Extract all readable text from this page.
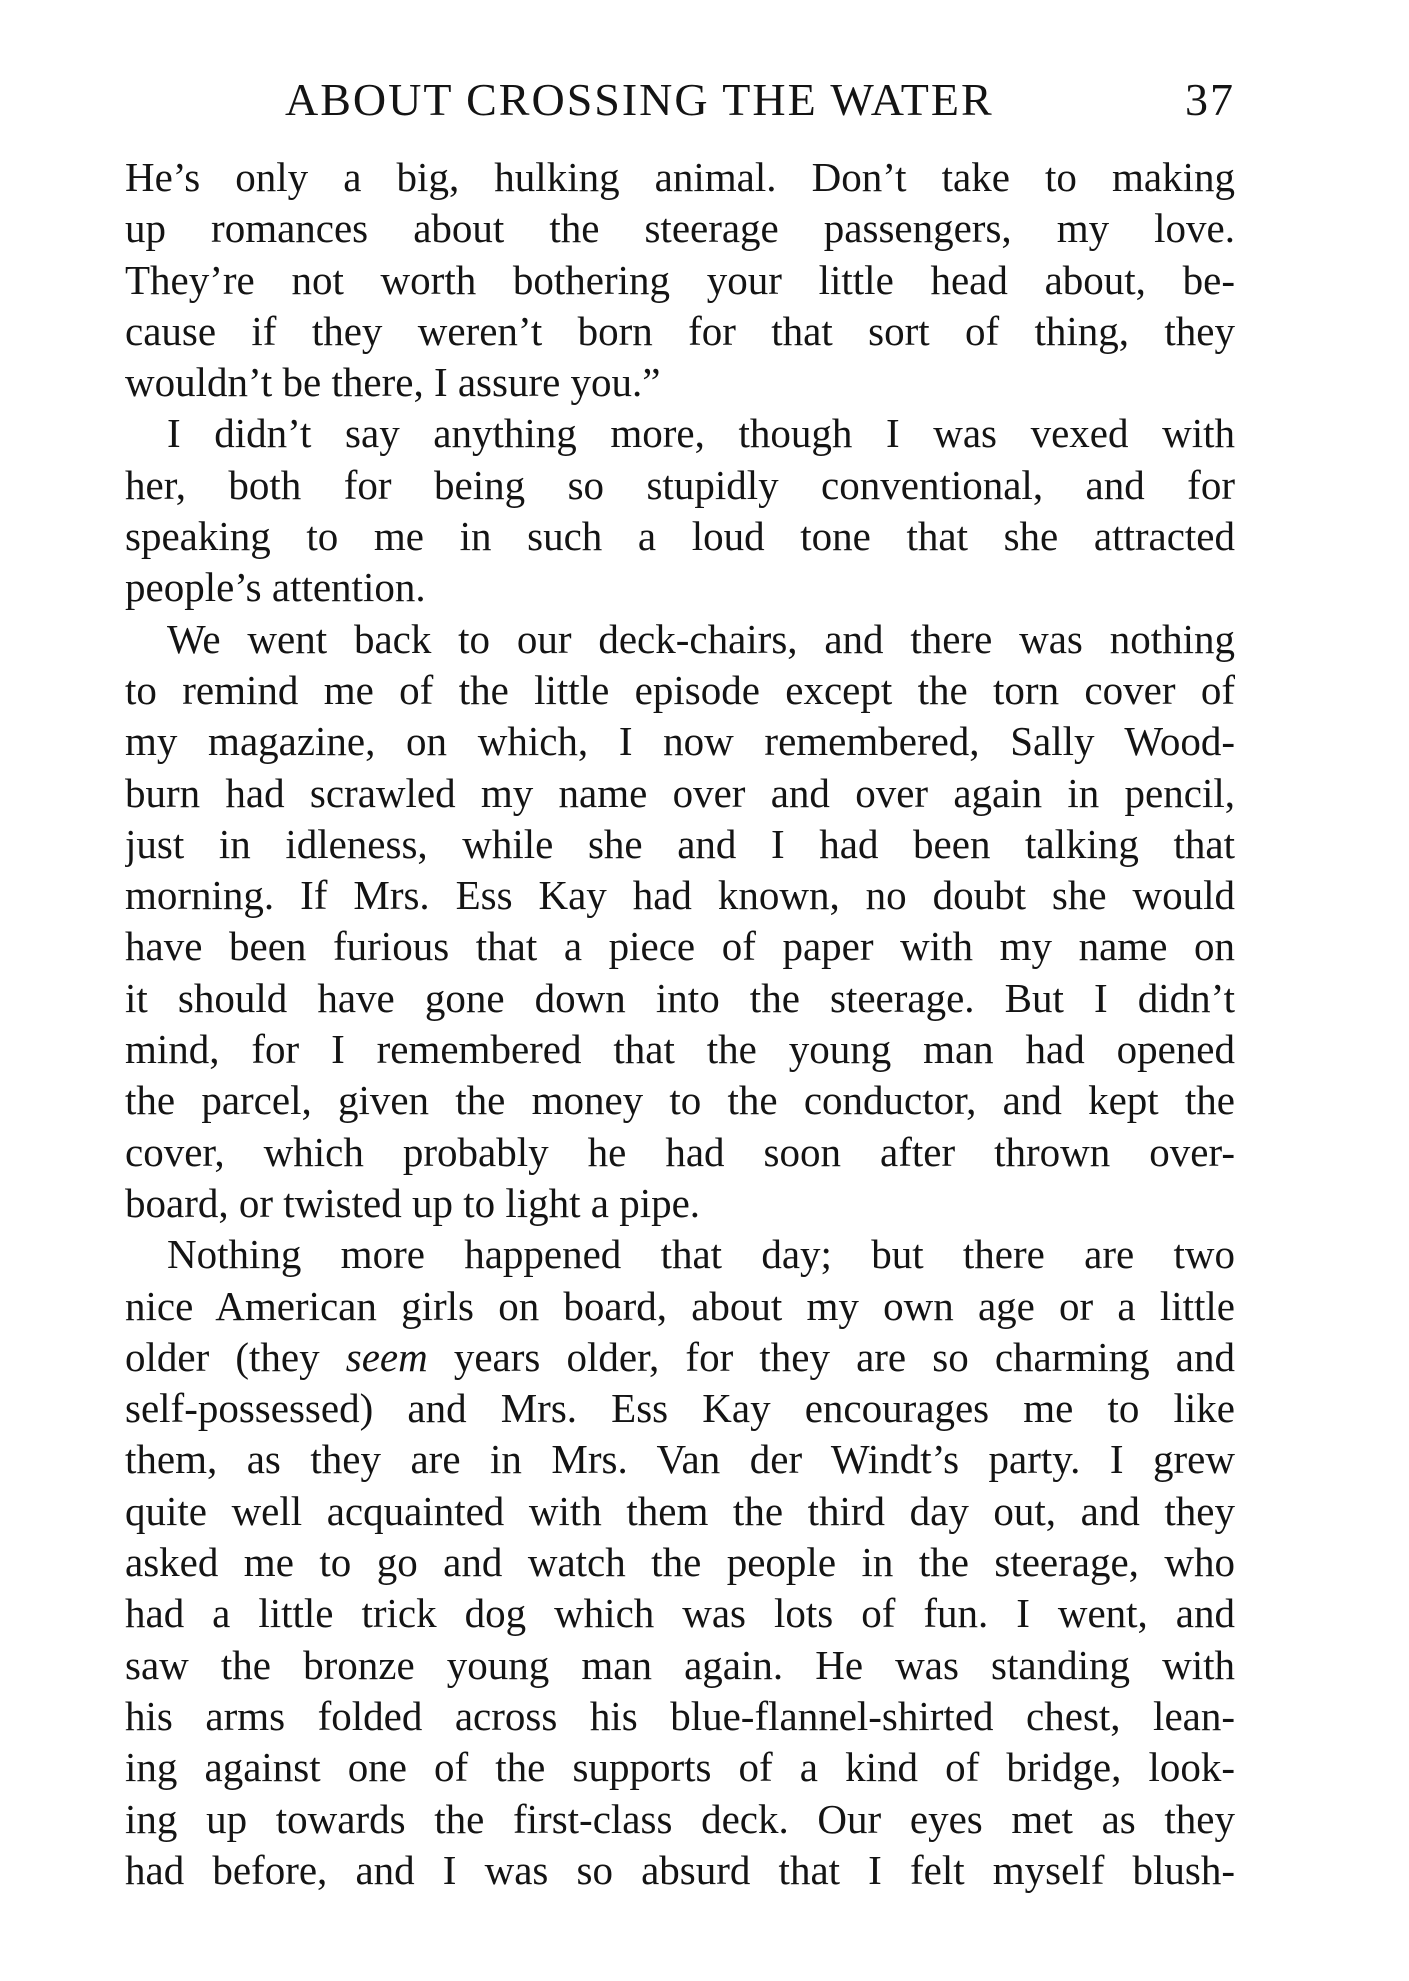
ABOUT CROSSING THE WATER	37
He’s only a big, hulking animal. Don’t take to making
up romances about the steerage passengers, my love.
They’re not worth bothering your little head about, be-
cause if they weren’t born for that sort of thing, they
wouldn’t be there, I assure you.”
I didn’t say anything more, though I was vexed with
her, both for being so stupidly conventional, and for
speaking to me in such a loud tone that she attracted
people’s attention.
We went back to our deck-chairs, and there was nothing
to remind me of the little episode except the torn cover of
my magazine, on which, I now remembered, Sally Wood-
burn had scrawled my name over and over again in pencil,
just in idleness, while she and I had been talking that
morning. If Mrs. Ess Kay had known, no doubt she would
have been furious that a piece of paper with my name on
it should have gone down into the steerage. But I didn’t
mind, for I remembered that the young man had opened
the parcel, given the money to the conductor, and kept the
cover, which probably he had soon after thrown over-
board, or twisted up to light a pipe.
Nothing more happened that day; but there are two
nice American girls on board, about my own age or a little
older (they seem years older, for they are so charming and
self-possessed) and Mrs. Ess Kay encourages me to like
them, as they are in Mrs. Van der Windt’s party. I grew
quite well acquainted with them the third day out, and they
asked me to go and watch the people in the steerage, who
had a little trick dog which was lots of fun. I went, and
saw the bronze young man again. He was standing with
his arms folded across his blue-flannel-shirted chest, lean-
ing against one of the supports of a kind of bridge, look-
ing up towards the first-class deck. Our eyes met as they
had before, and I was so absurd that I felt myself blush-
